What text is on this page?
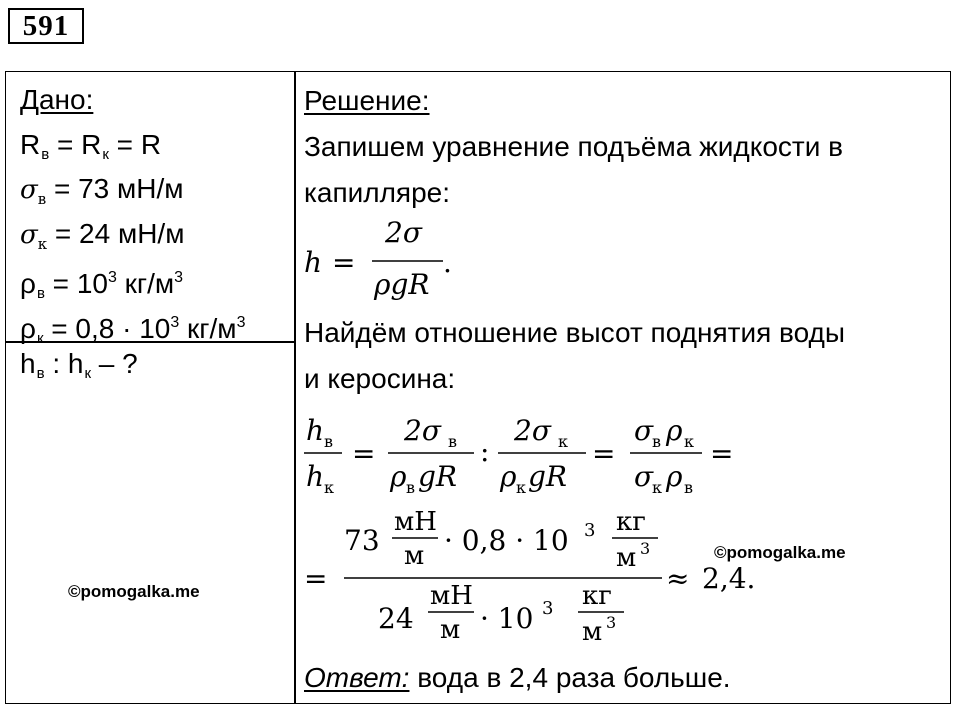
591
Дано:
$R_в = R_к = R$
$\sigma_в = 73$ мН/м
$\sigma_к = 24$ мН/м
$\rho_в = 10^3$ $кг/м^3$
$\rho_к = 0,8 \cdot 10^3$ $кг/м^3$
$h_в$ : $h_к$ – ?
©pomogalka.me
©pomogalka.me
Решение:
Запишем уравнение подъёма жидкости в
капилляре:
Найдём отношение высот поднятия воды
и керосина:
h =
2σ
ρgR
.
h в
h к
=
2σ в
ρ в gR
:
2σ к
ρ к gR
=
σ
в ρ к
σ
к ρ в
=
=
73
мН
м · 0,8 · 10 3 кг
м 3
24
мН
м · 10 3 кг
м 3
≈ 2,4.
Ответ: вода в 2,4 раза больше.
